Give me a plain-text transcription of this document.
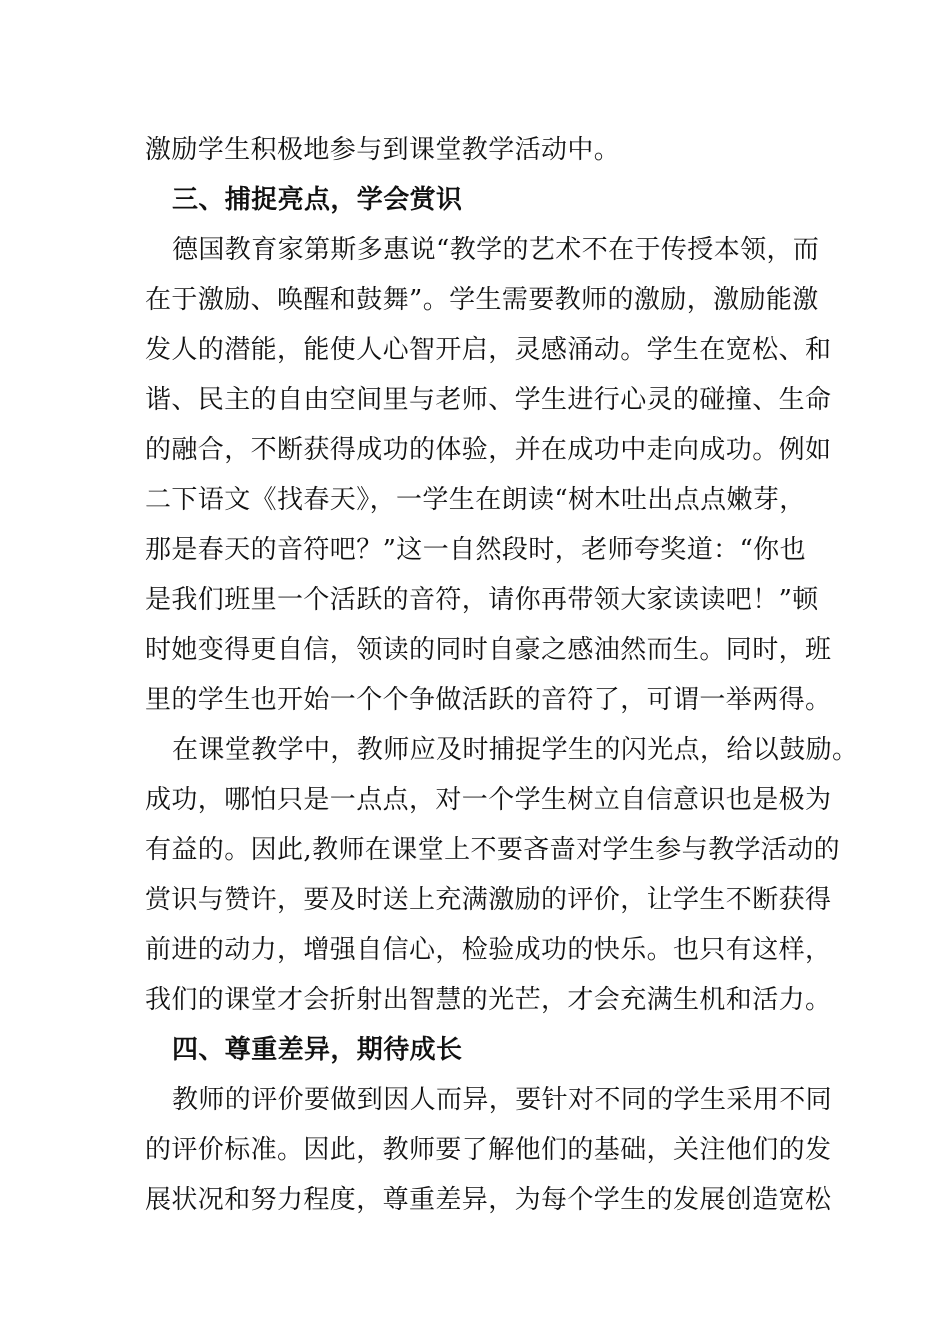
激励学生积极地参与到课堂教学活动中。
三、捕捉亮点，学会赏识
德国教育家第斯多惠说“教学的艺术不在于传授本领，而
在于激励、唤醒和鼓舞”。学生需要教师的激励，激励能激
发人的潜能，能使人心智开启，灵感涌动。学生在宽松、和
谐、民主的自由空间里与老师、学生进行心灵的碰撞、生命
的融合，不断获得成功的体验，并在成功中走向成功。例如
二下语文《找春天》，一学生在朗读“树木吐出点点嫩芽，
那是春天的音符吧？”这一自然段时，老师夸奖道：“你也
是我们班里一个活跃的音符，请你再带领大家读读吧！”顿
时她变得更自信，领读的同时自豪之感油然而生。同时，班
里的学生也开始一个个争做活跃的音符了，可谓一举两得。
在课堂教学中，教师应及时捕捉学生的闪光点，给以鼓励。
成功，哪怕只是一点点，对一个学生树立自信意识也是极为
有益的。因此,教师在课堂上不要吝啬对学生参与教学活动的
赏识与赞许，要及时送上充满激励的评价，让学生不断获得
前进的动力，增强自信心，检验成功的快乐。也只有这样，
我们的课堂才会折射出智慧的光芒，才会充满生机和活力。
四、尊重差异，期待成长
教师的评价要做到因人而异，要针对不同的学生采用不同
的评价标准。因此，教师要了解他们的基础，关注他们的发
展状况和努力程度，尊重差异，为每个学生的发展创造宽松
